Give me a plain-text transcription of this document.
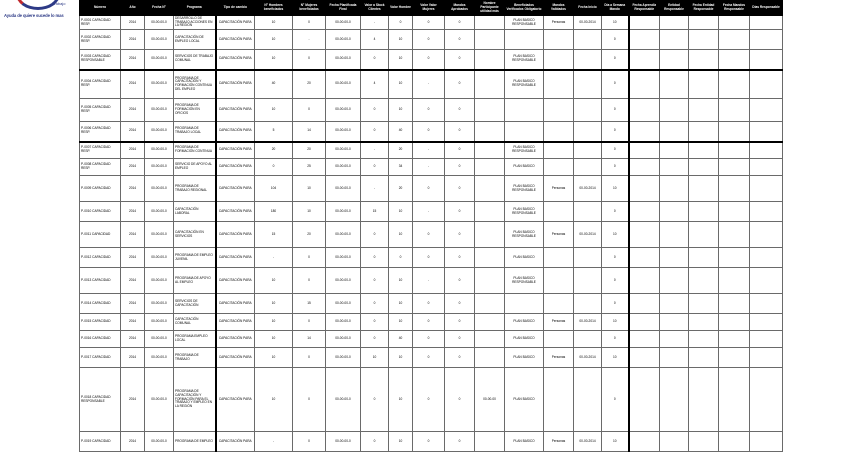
Trabajo
Ayuda de quiere sucede lo mas
Número	Año	Fecha N°	Programa	Tipo de cambio	N° Hombres beneficiados	N° Mujeres beneficiadas	Fecha Planificada Final	Valor a Stock Clientes	Valor Hombre	Valor Valor Mujeres	Mandos Aprobados	Nombre Participante utilidad más	Beneficiados Verificados Obligatorio	Mandos Validados	Fecha Inicio	Día a Semana Mando	Fecha Aprendiz Responsable	Entidad Responsable	Fecha Entidad Responsable	Fecha Mandos Responsable	Días Responsable
P-0001 CAPACIDAD RESP.	2014	00-00-00-0	DESARROLLO DE TRABAJO ACCIONES EN LA REGIÓN	CAPACITACIÓN PARA	10	0	00-00-00-0	-	0	0	0		PLAN BASICO RESPONSABLE	Personas	00-00-2014	10					
P-0002 CAPACIDAD RESP.	2014	00-00-00-0	CAPACITACIÓN DE EMPLEO LOCAL	CAPACITACIÓN PARA	10	-	00-00-00-0	4	10	0	0					0					
P-0003 CAPACIDAD RESPONSABLE	2014	00-00-00-0	SERVICIOS DE TRABAJO COMUNAL	CAPACITACIÓN PARA	10	0	00-00-00-0	0	10	0	0		PLAN BASICO RESPONSABLE			0					
P-0004 CAPACIDAD RESP.	2014	00-00-00-0	PROGRAMA DE CAPACITACIÓN Y FORMACIÓN CONTINUA DEL EMPLEO	CAPACITACIÓN PARA	40	20	00-00-00-0	4	10	-	0		PLAN BASICO RESPONSABLE			0					
P-0005 CAPACIDAD RESP.	2014	00-00-00-0	PROGRAMA DE FORMACIÓN EN OFICIOS	CAPACITACIÓN PARA	10	0	00-00-00-0	0	10	0	0					0					
P-0006 CAPACIDAD RESP.	2014	00-00-00-0	PROGRAMA DE TRABAJO LOCAL	CAPACITACIÓN PARA	5	14	00-00-00-0	0	40	0	0					0					
P-0007 CAPACIDAD RESP.	2014	00-00-00-0	PROGRAMA DE FORMACIÓN CONTINUA	CAPACITACIÓN PARA	20	20	00-00-00-0	-	20	-	0		PLAN BASICO RESPONSABLE			0					
P-0008 CAPACIDAD RESP.	2014	00-00-00-0	SERVICIO DE APOYO AL EMPLEO	CAPACITACIÓN PARA	0	25	00-00-00-0	0	34	-	0		PLAN BASICO			0					
P-0009 CAPACIDAD	2014	00-00-00-0	PROGRAMA DE TRABAJO REGIONAL	CAPACITACIÓN PARA	104	10	00-00-00-0	-	20	0	0		PLAN BASICO RESPONSABLE	Personas	00-00-2014	10					
P-0010 CAPACIDAD	2014	00-00-00-0	CAPACITACIÓN LABORAL	CAPACITACIÓN PARA	180	10	00-00-00-0	15	10	-	0		PLAN BASICO RESPONSABLE			0					
P-0011 CAPACIDAD	2014	00-00-00-0	CAPACITACIÓN EN SERVICIOS	CAPACITACIÓN PARA	15	20	00-00-00-0	0	10	0	0		PLAN BASICO RESPONSABLE	Personas	00-00-2014	10					
P-0012 CAPACIDAD	2014	00-00-00-0	PROGRAMA DE EMPLEO JUVENIL	CAPACITACIÓN PARA	-	0	00-00-00-0	0	0	0	0		PLAN BASICO			0					
P-0013 CAPACIDAD	2014	00-00-00-0	PROGRAMA DE APOYO AL EMPLEO	CAPACITACIÓN PARA	10	0	00-00-00-0	0	10	-	0		PLAN BASICO RESPONSABLE			0					
P-0014 CAPACIDAD	2014	00-00-00-0	SERVICIOS DE CAPACITACIÓN	CAPACITACIÓN PARA	10	15	00-00-00-0	0	10	0	0					0					
P-0015 CAPACIDAD	2014	00-00-00-0	CAPACITACIÓN COMUNAL	CAPACITACIÓN PARA	10	0	00-00-00-0	0	10	0	0		PLAN BASICO	Personas	00-00-2014	10					
P-0016 CAPACIDAD	2014	00-00-00-0	PROGRAMA EMPLEO LOCAL	CAPACITACIÓN PARA	10	14	00-00-00-0	0	40	0	0		PLAN BASICO			0					
P-0017 CAPACIDAD	2014	00-00-00-0	PROGRAMA DE TRABAJO	CAPACITACIÓN PARA	10	0	00-00-00-0	10	10	0	0		PLAN BASICO	Personas	00-00-2014	10					
P-0018 CAPACIDAD RESPONSABLE	2014	00-00-00-0	PROGRAMA DE CAPACITACIÓN Y FORMACIÓN PARA EL TRABAJO Y EMPLEO EN LA REGIÓN	CAPACITACIÓN PARA	10	0	00-00-00-0	0	10	0	0	00-00-00	PLAN BASICO			0					
P-0019 CAPACIDAD	2014	00-00-00-0	PROGRAMA DE EMPLEO	CAPACITACIÓN PARA	-	0	00-00-00-0	0	10	0	0		PLAN BASICO	Personas	00-00-2014	10					
